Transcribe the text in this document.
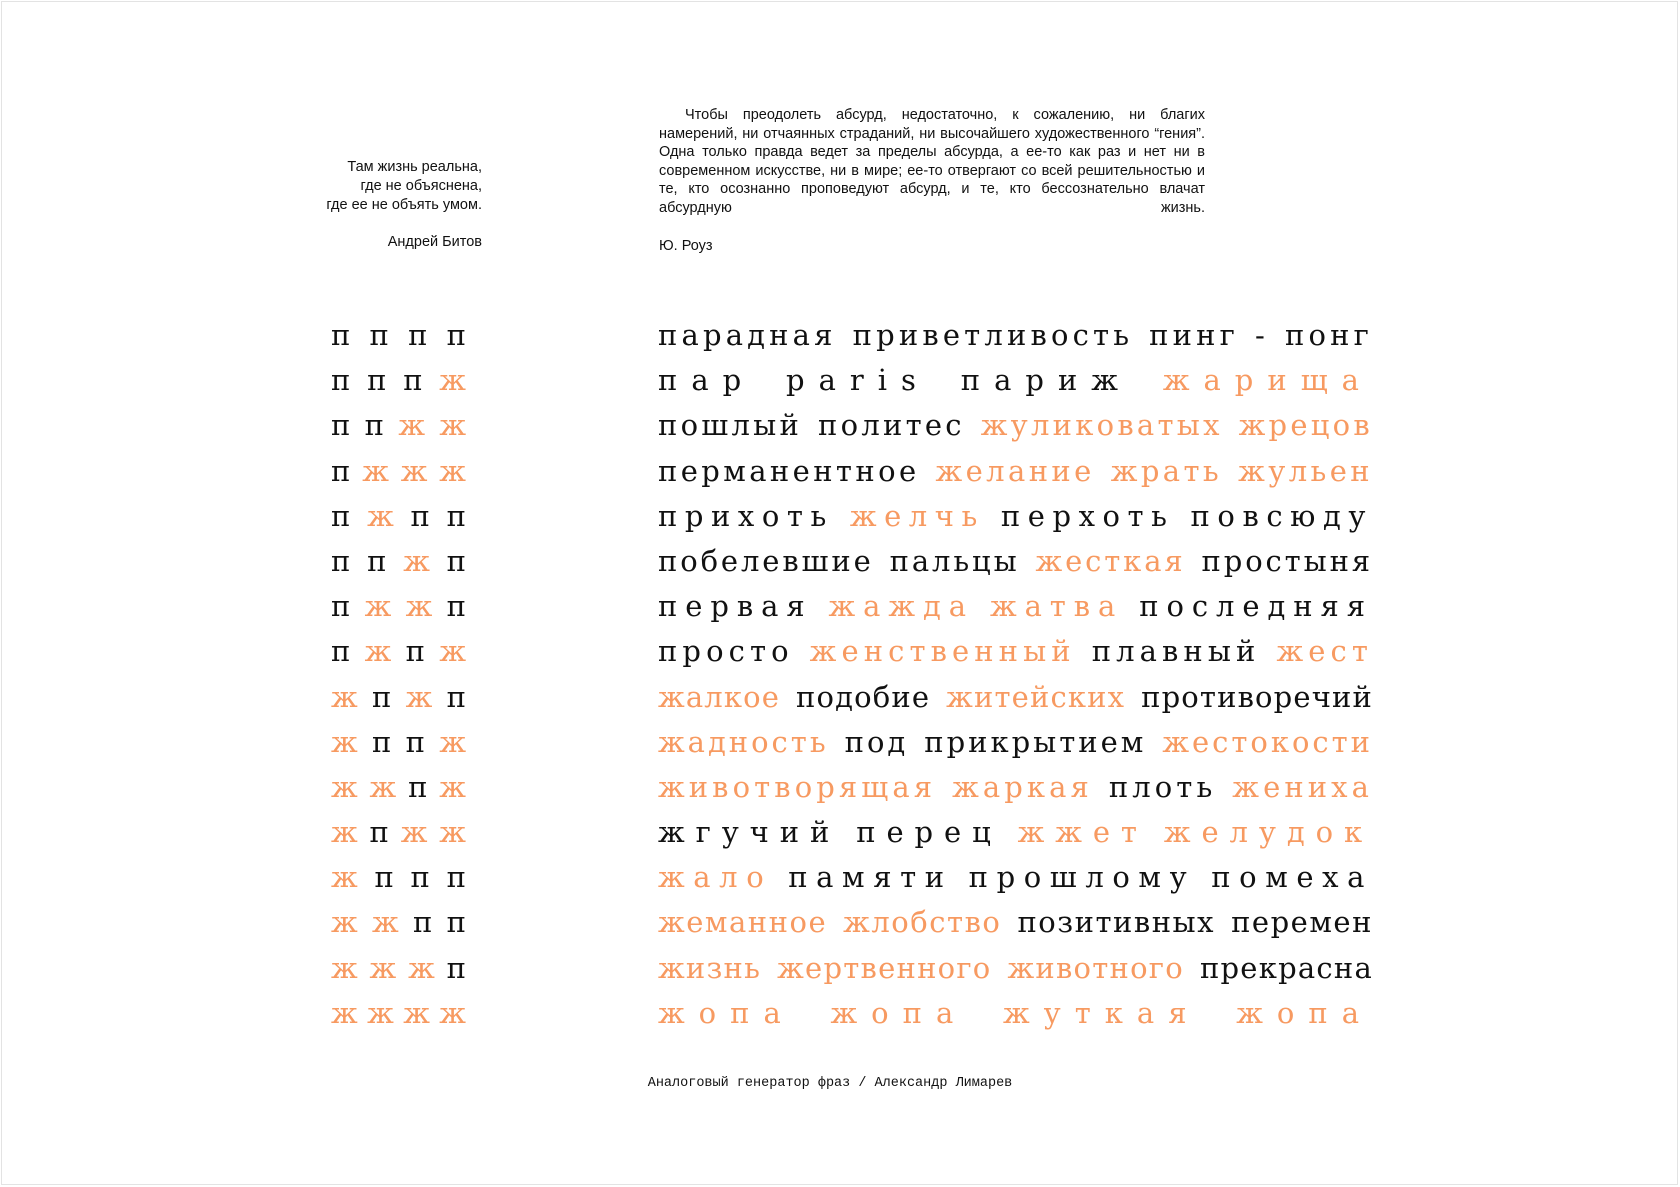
Там жизнь реальна,
где не объяснена,
где ее не объять умом.
Андрей Битов

Чтобы преодолеть абсурд, недостаточно, к сожалению, ни благих намерений, ни отчаянных страданий, ни высочайшего художественного “гения”. Одна только правда ведет за пределы абсурда, а ее-то как раз и нет ни в современном искусстве, ни в мире; ее-то отвергают со всей решительностью и те, кто осознанно проповедуют абсурд, и те, кто бессознательно влачат абсурдную жизнь.

Ю. Роуз
п п п п
п п п ж
п п ж ж
п ж ж ж
п ж п п
п п ж п
п ж ж п
п ж п ж
ж п ж п
ж п п ж
ж ж п ж
ж п ж ж
ж п п п
ж ж п п
ж ж ж п
ж ж ж ж
парадная приветливость пинг - понг
пар paris париж жарища
пошлый политес жуликоватых жрецов
перманентное желание жрать жульен
прихоть желчь перхоть повсюду
побелевшие пальцы жесткая простыня
первая жажда жатва последняя
просто женственный плавный жест
жалкое подобие житейских противоречий
жадность под прикрытием жестокости
животворящая жаркая плоть жениха
жгучий перец жжет желудок
жало памяти прошлому помеха
жеманное жлобство позитивных перемен
жизнь жертвенного животного прекрасна
жопа жопа жуткая жопа
Аналоговый генератор фраз / Александр Лимарев
